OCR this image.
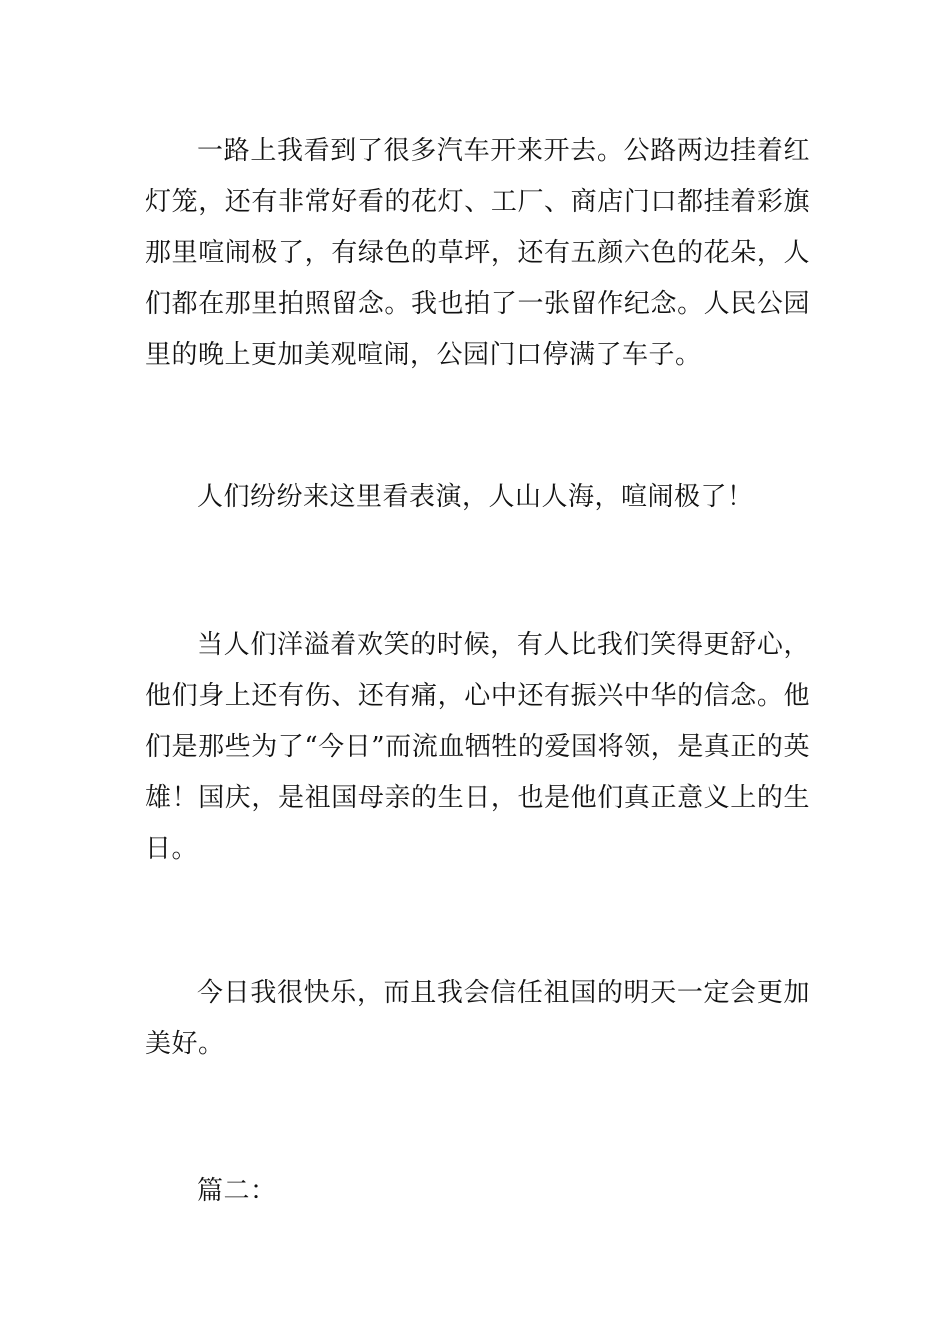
一路上我看到了很多汽车开来开去。公路两边挂着红灯笼，还有非常好看的花灯、工厂、商店门口都挂着彩旗那里喧闹极了，有绿色的草坪，还有五颜六色的花朵，人们都在那里拍照留念。我也拍了一张留作纪念。人民公园里的晚上更加美观喧闹，公园门口停满了车子。

人们纷纷来这里看表演，人山人海，喧闹极了！

当人们洋溢着欢笑的时候，有人比我们笑得更舒心，他们身上还有伤、还有痛，心中还有振兴中华的信念。他们是那些为了“今日”而流血牺牲的爱国将领，是真正的英雄！国庆，是祖国母亲的生日，也是他们真正意义上的生日。

今日我很快乐，而且我会信任祖国的明天一定会更加美好。

篇二：
